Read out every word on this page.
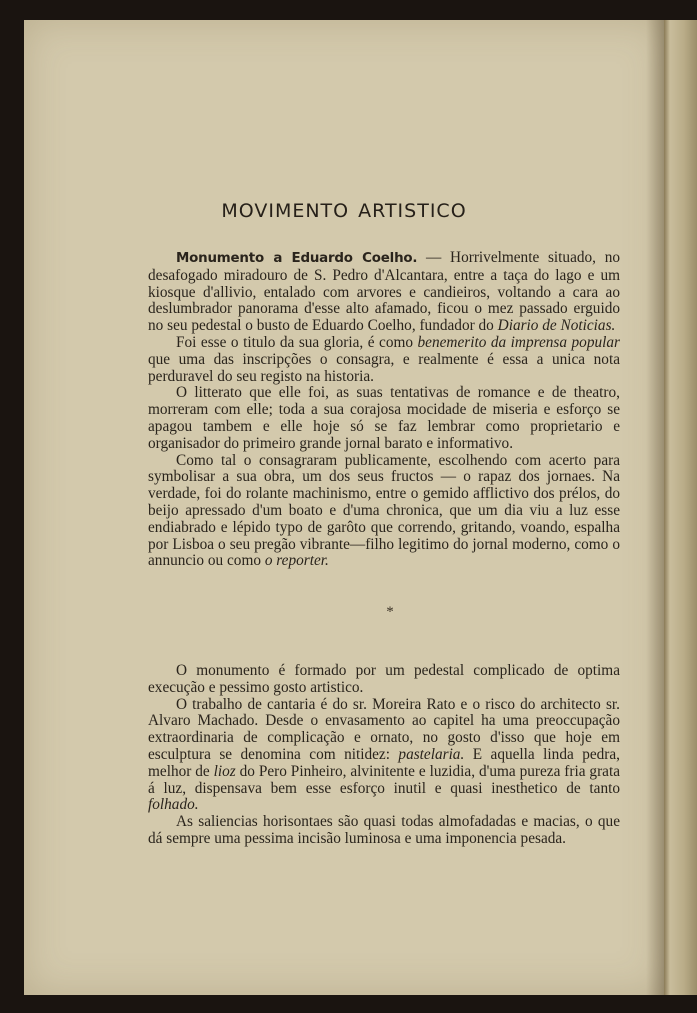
MOVIMENTO ARTISTICO

Monumento a Eduardo Coelho. — Horrivelmente situado, no desafogado miradouro de S. Pedro d'Alcantara, entre a taça do lago e um kiosque d'allivio, entalado com arvores e candieiros, voltando a cara ao deslumbrador panorama d'esse alto afamado, ficou o mez passado erguido no seu pedestal o busto de Eduardo Coelho, fundador do Diario de Noticias.

Foi esse o titulo da sua gloria, é como benemerito da imprensa popular que uma das inscripções o consagra, e realmente é essa a unica nota perduravel do seu registo na historia.

O litterato que elle foi, as suas tentativas de romance e de theatro, morreram com elle; toda a sua corajosa mocidade de miseria e esforço se apagou tambem e elle hoje só se faz lembrar como proprietario e organisador do primeiro grande jornal barato e informativo.

Como tal o consagraram publicamente, escolhendo com acerto para symbolisar a sua obra, um dos seus fructos — o rapaz dos jornaes. Na verdade, foi do rolante machinismo, entre o gemido afflictivo dos prélos, do beijo apressado d'um boato e d'uma chronica, que um dia viu a luz esse endiabrado e lépido typo de garôto que correndo, gritando, voando, espalha por Lisboa o seu pregão vibrante—filho legitimo do jornal moderno, como o annuncio ou como o reporter.

*

O monumento é formado por um pedestal complicado de optima execução e pessimo gosto artistico.

O trabalho de cantaria é do sr. Moreira Rato e o risco do architecto sr. Alvaro Machado. Desde o envasamento ao capitel ha uma preoccupação extraordinaria de complicação e ornato, no gosto d'isso que hoje em esculptura se denomina com nitidez: pastelaria. E aquella linda pedra, melhor de lioz do Pero Pinheiro, alvinitente e luzidia, d'uma pureza fria grata á luz, dispensava bem esse esforço inutil e quasi inesthetico de tanto folhado.

As saliencias horisontaes são quasi todas almofadadas e macias, o que dá sempre uma pessima incisão luminosa e uma imponencia pesada.
